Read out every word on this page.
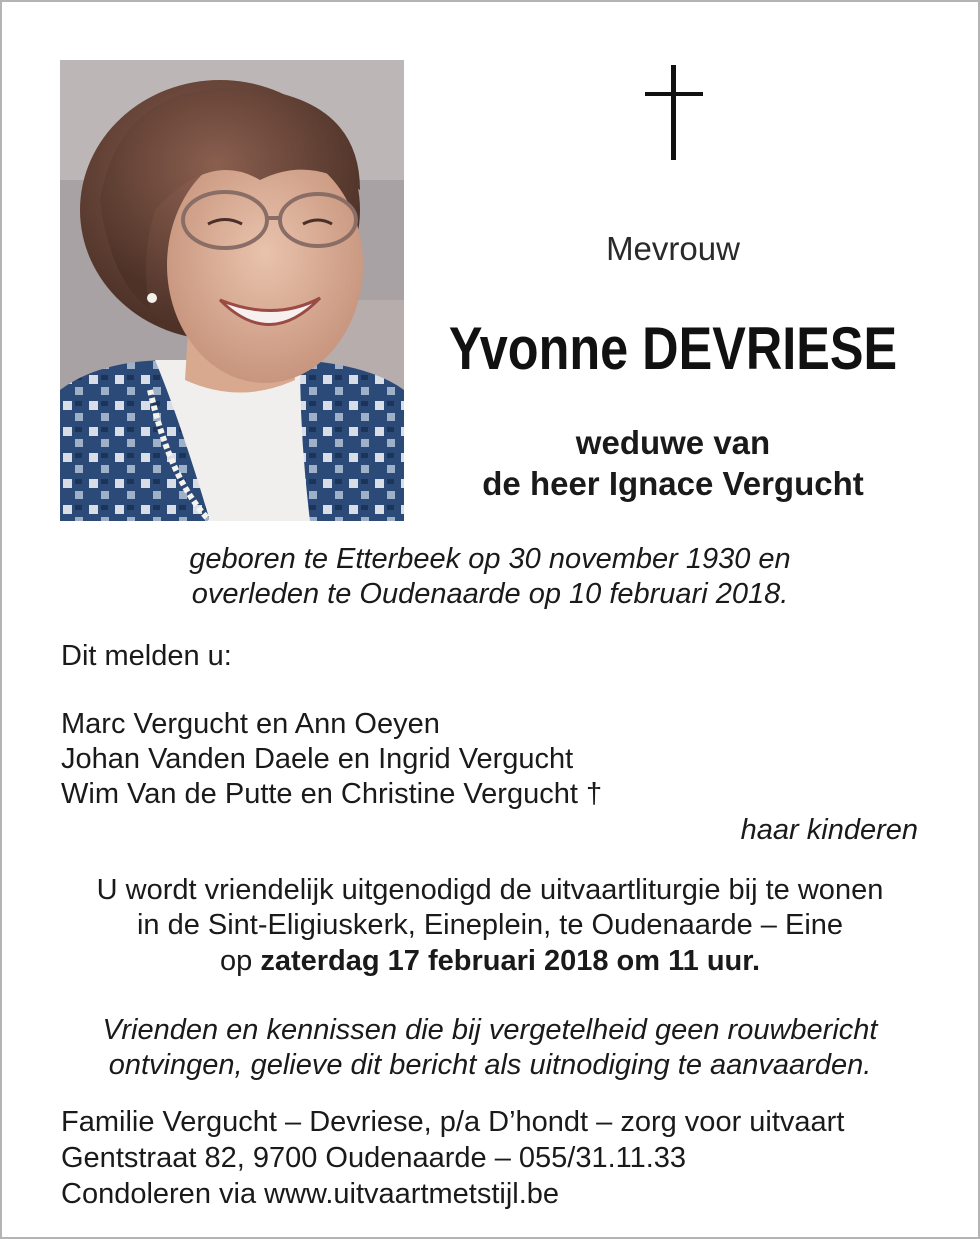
Mevrouw
Yvonne DEVRIESE
weduwe van
de heer Ignace Vergucht
geboren te Etterbeek op 30 november 1930 en
overleden te Oudenaarde op 10 februari 2018.
Dit melden u:
Marc Vergucht en Ann Oeyen
Johan Vanden Daele en Ingrid Vergucht
Wim Van de Putte en Christine Vergucht †
haar kinderen
U wordt vriendelijk uitgenodigd de uitvaartliturgie bij te wonen
in de Sint-Eligiuskerk, Eineplein, te Oudenaarde – Eine
op zaterdag 17 februari 2018 om 11 uur.
Vrienden en kennissen die bij vergetelheid geen rouwbericht
ontvingen, gelieve dit bericht als uitnodiging te aanvaarden.
Familie Vergucht – Devriese, p/a D’hondt – zorg voor uitvaart
Gentstraat 82, 9700 Oudenaarde – 055/31.11.33
Condoleren via www.uitvaartmetstijl.be
